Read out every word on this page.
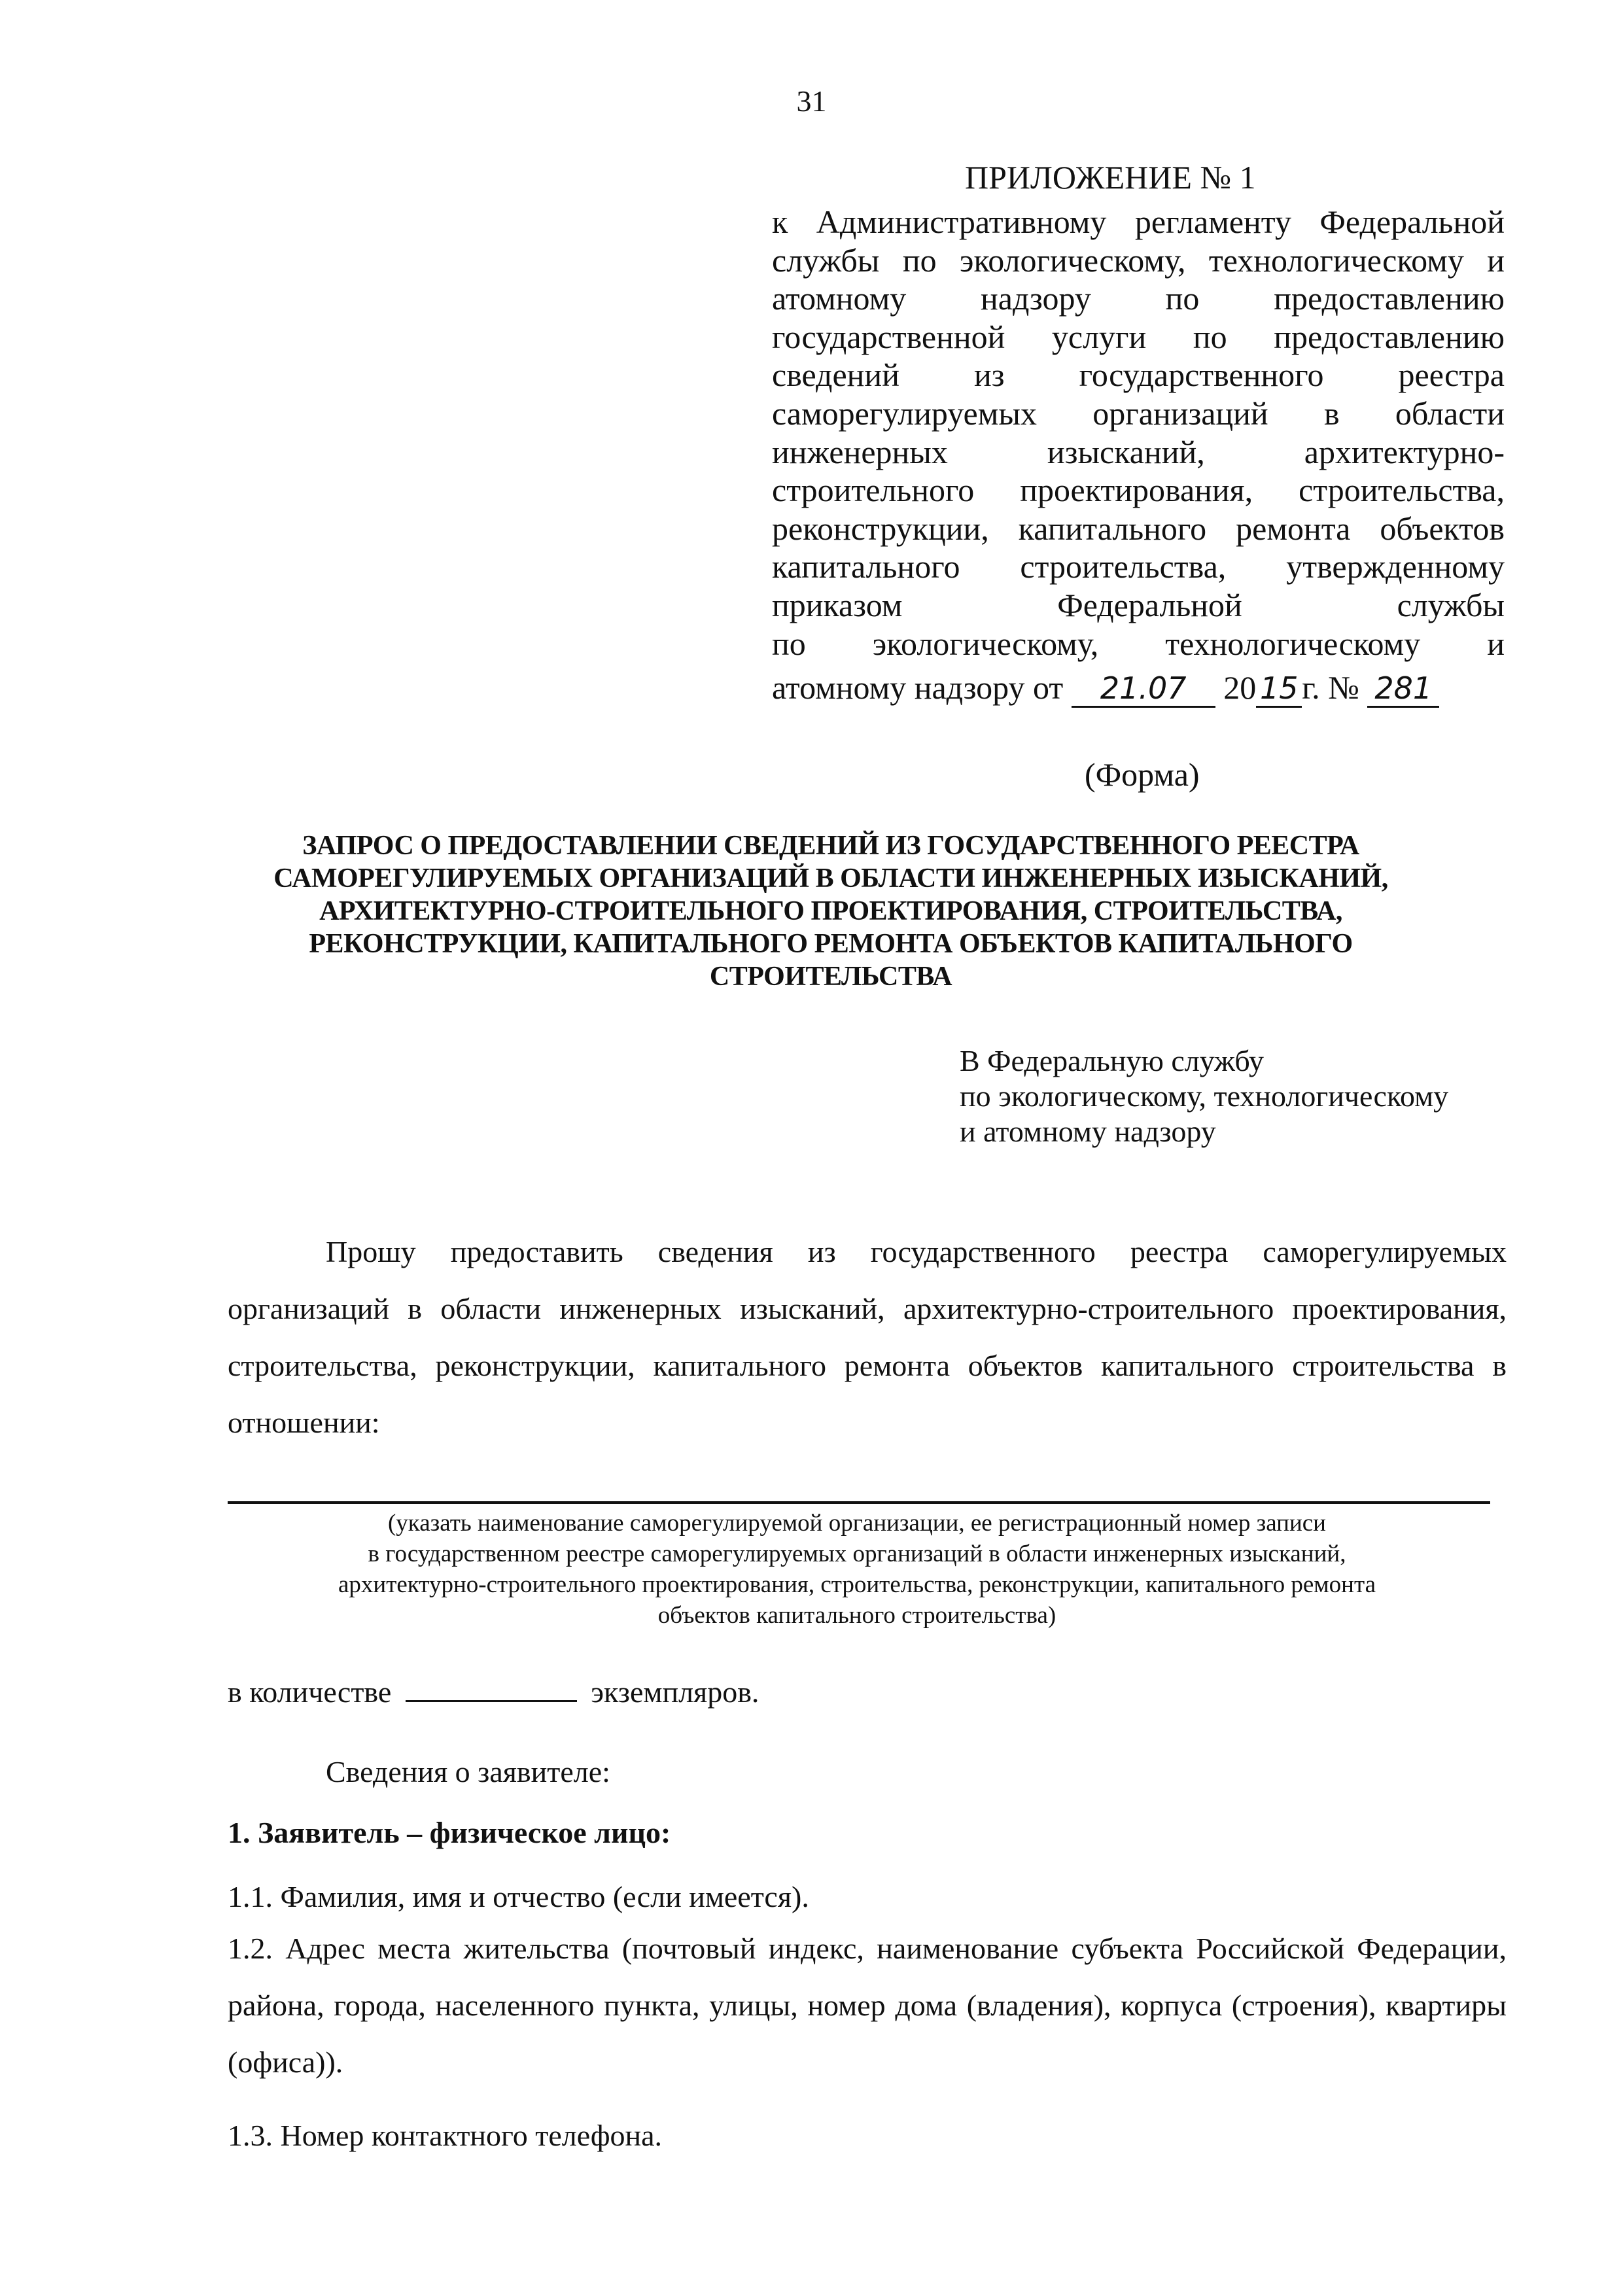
31
ПРИЛОЖЕНИЕ № 1
к Административному регламенту Федеральной
службы по экологическому, технологическому и
атомному надзору по предоставлению
государственной услуги по предоставлению
сведений из государственного реестра
саморегулируемых организаций в области
инженерных изысканий, архитектурно-
строительного проектирования, строительства,
реконструкции, капитального ремонта объектов
капитального строительства, утвержденному
приказом Федеральной службы
по экологическому, технологическому и
атомному надзору от 21.07 20 15 г. № 281
(Форма)
ЗАПРОС О ПРЕДОСТАВЛЕНИИ СВЕДЕНИЙ ИЗ ГОСУДАРСТВЕННОГО РЕЕСТРА
САМОРЕГУЛИРУЕМЫХ ОРГАНИЗАЦИЙ В ОБЛАСТИ ИНЖЕНЕРНЫХ ИЗЫСКАНИЙ,
АРХИТЕКТУРНО-СТРОИТЕЛЬНОГО ПРОЕКТИРОВАНИЯ, СТРОИТЕЛЬСТВА,
РЕКОНСТРУКЦИИ, КАПИТАЛЬНОГО РЕМОНТА ОБЪЕКТОВ КАПИТАЛЬНОГО
СТРОИТЕЛЬСТВА
В Федеральную службу
по экологическому, технологическому
и атомному надзору
Прошу предоставить сведения из государственного реестра саморегулируемых организаций в области инженерных изысканий, архитектурно-строительного проектирования, строительства, реконструкции, капитального ремонта объектов капитального строительства в отношении:
(указать наименование саморегулируемой организации, ее регистрационный номер записи
в государственном реестре саморегулируемых организаций в области инженерных изысканий,
архитектурно-строительного проектирования, строительства, реконструкции, капитального ремонта
объектов капитального строительства)
в количестве	экземпляров.
Сведения о заявителе:
1. Заявитель – физическое лицо:
1.1. Фамилия, имя и отчество (если имеется).
1.2. Адрес места жительства (почтовый индекс, наименование субъекта Российской Федерации, района, города, населенного пункта, улицы, номер дома (владения), корпуса (строения), квартиры (офиса)).
1.3. Номер контактного телефона.
